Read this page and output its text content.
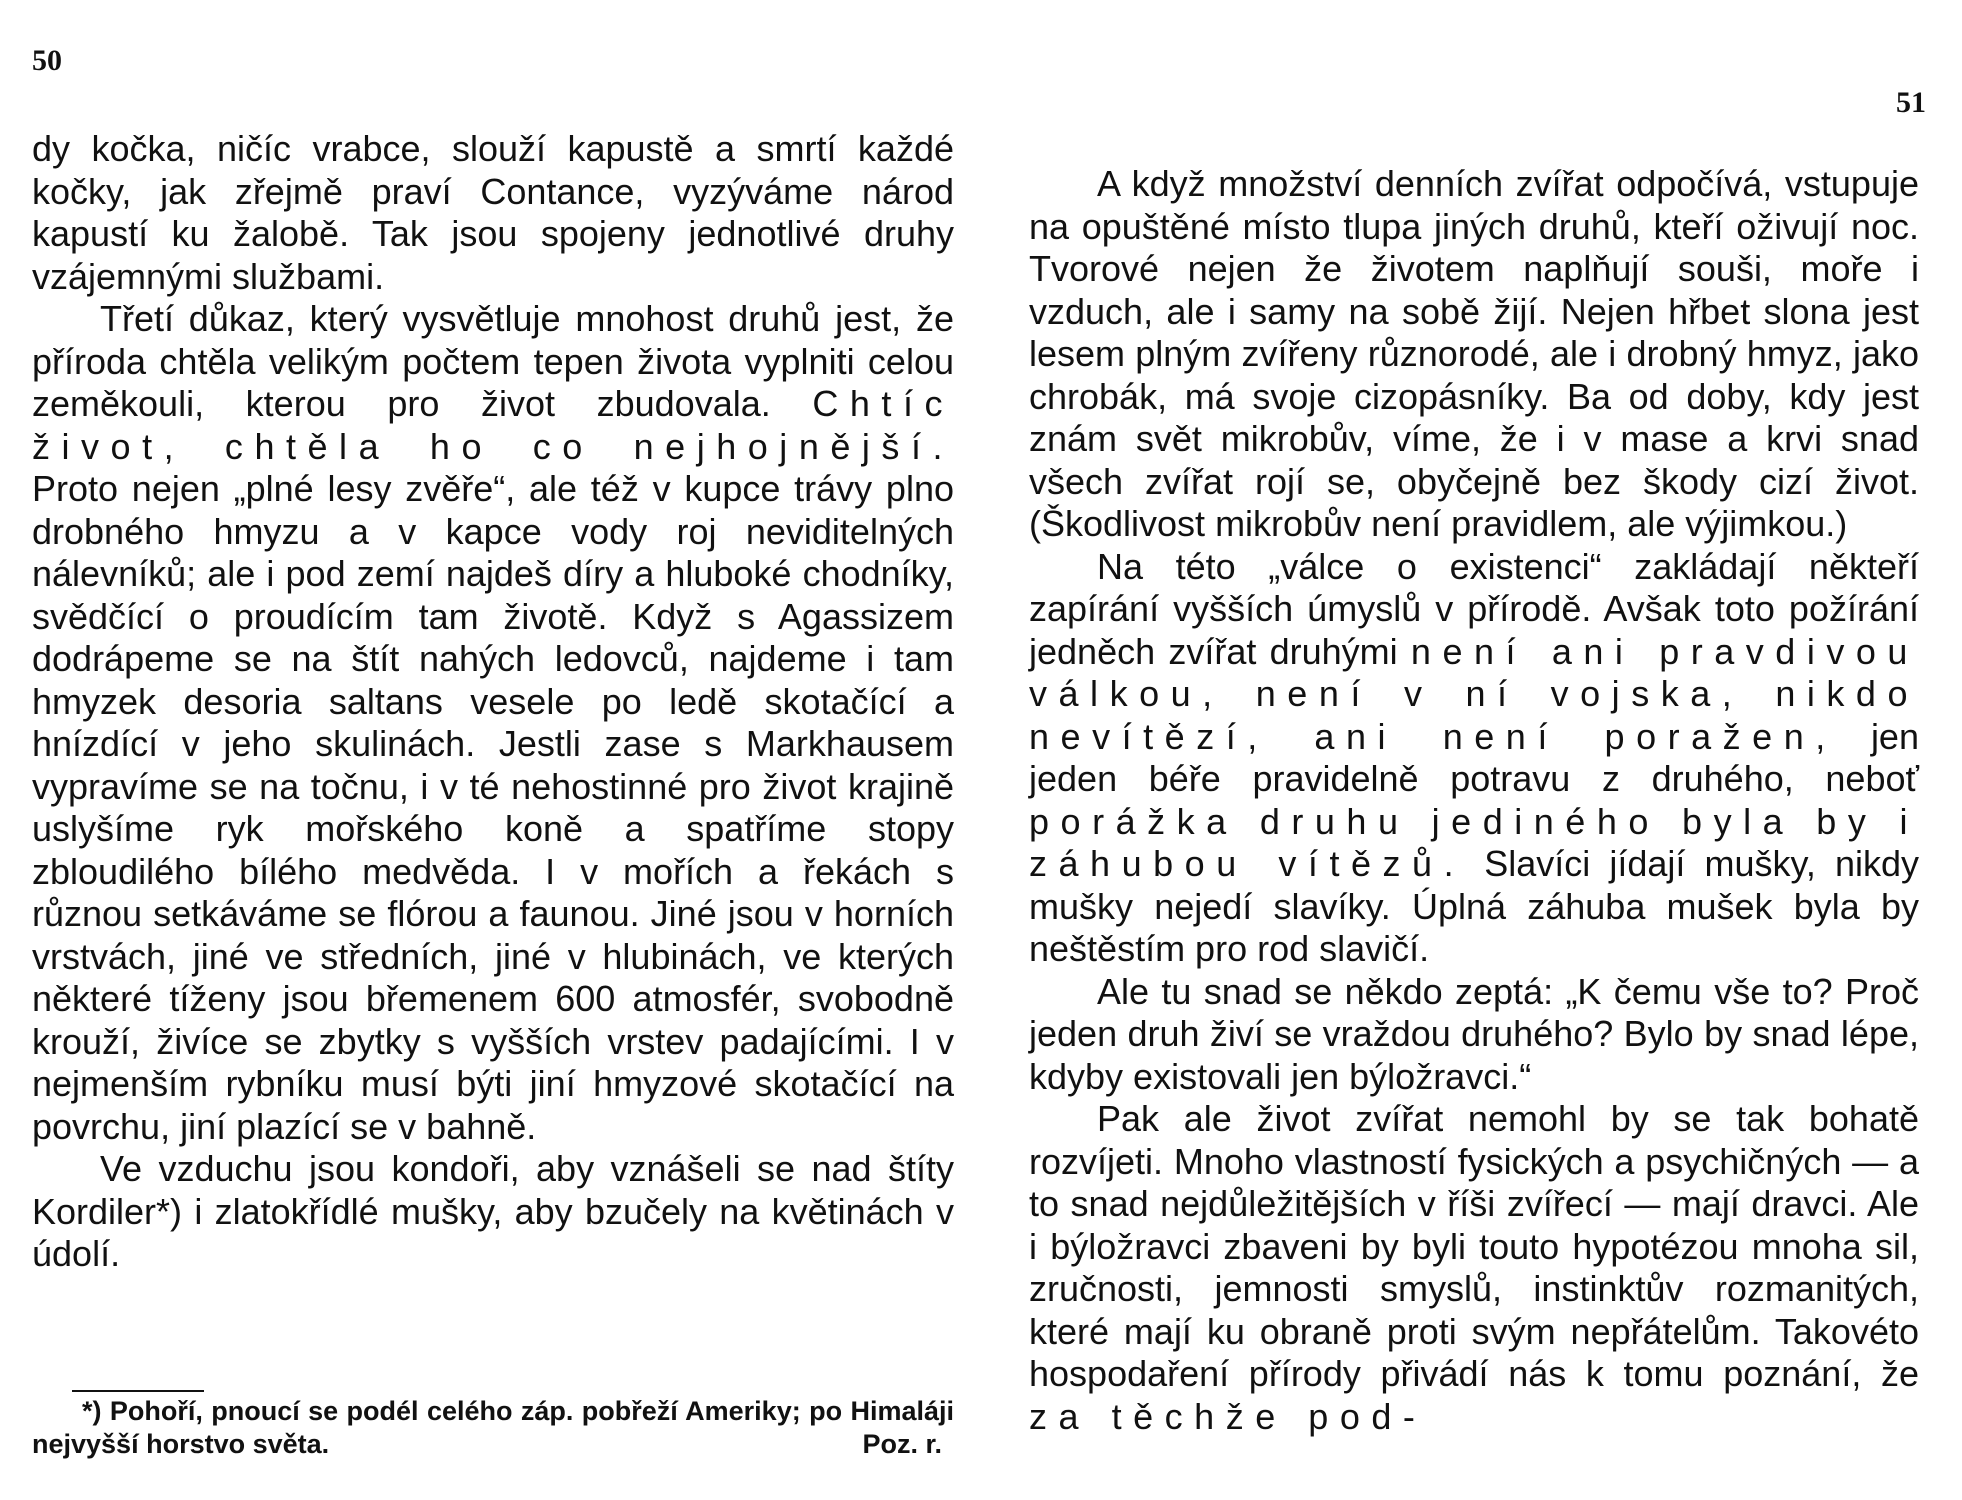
50

dy kočka, ničíc vrabce, slouží kapustě a smrtí každé kočky, jak zřejmě praví Contance, vyzýváme národ kapustí ku žalobě. Tak jsou spojeny jednotlivé druhy vzájemnými službami.

Třetí důkaz, který vysvětluje mnohost druhů jest, že příroda chtěla velikým počtem tepen života vyplniti celou zeměkouli, kterou pro život zbudovala. Chtíc život, chtěla ho co nejhojnější. Proto nejen „plné lesy zvěře“, ale též v kupce trávy plno drobného hmyzu a v kapce vody roj neviditelných nálevníků; ale i pod zemí najdeš díry a hluboké chodníky, svědčící o proudícím tam životě. Když s Agassizem dodrápeme se na štít nahých ledovců, najdeme i tam hmyzek desoria saltans vesele po ledě skotačící a hnízdící v jeho skulinách. Jestli zase s Markhausem vypravíme se na točnu, i v té nehostinné pro život krajině uslyšíme ryk mořského koně a spatříme stopy zbloudilého bílého medvěda. I v mořích a řekách s různou setkáváme se flórou a faunou. Jiné jsou v horních vrstvách, jiné ve středních, jiné v hlubinách, ve kterých některé tíženy jsou břemenem 600 atmosfér, svobodně krouží, živíce se zbytky s vyšších vrstev padajícími. I v nejmenším rybníku musí býti jiní hmyzové skotačící na povrchu, jiní plazící se v bahně.

Ve vzduchu jsou kondoři, aby vznášeli se nad štíty Kordiler*) i zlatokřídlé mušky, aby bzučely na květinách v údolí.

*) Pohoří, pnoucí se podél celého záp. pobřeží Ameriky; po Himaláji nejvyšší horstvo světa.	Poz. r.

51

A když množství denních zvířat odpočívá, vstupuje na opuštěné místo tlupa jiných druhů, kteří oživují noc. Tvorové nejen že životem naplňují souši, moře i vzduch, ale i samy na sobě žijí. Nejen hřbet slona jest lesem plným zvířeny různorodé, ale i drobný hmyz, jako chrobák, má svoje cizopásníky. Ba od doby, kdy jest znám svět mikrobův, víme, že i v mase a krvi snad všech zvířat rojí se, obyčejně bez škody cizí život. (Škodlivost mikrobův není pravidlem, ale výjimkou.)

Na této „válce o existenci“ zakládají někteří zapírání vyšších úmyslů v přírodě. Avšak toto požírání jedněch zvířat druhými není ani pravdivou válkou, není v ní vojska, nikdo nevítězí, ani není poražen, jen jeden béře pravidelně potravu z druhého, neboť porážka druhu jediného byla by i záhubou vítězů. Slavíci jídají mušky, nikdy mušky nejedí slavíky. Úplná záhuba mušek byla by neštěstím pro rod slavičí.

Ale tu snad se někdo zeptá: „K čemu vše to? Proč jeden druh živí se vraždou druhého? Bylo by snad lépe, kdyby existovali jen býložravci.“

Pak ale život zvířat nemohl by se tak bohatě rozvíjeti. Mnoho vlastností fysických a psychičných — a to snad nejdůležitějších v říši zvířecí — mají dravci. Ale i býložravci zbaveni by byli touto hypotézou mnoha sil, zručnosti, jemnosti smyslů, instinktův rozmanitých, které mají ku obraně proti svým nepřátelům. Takovéto hospodaření přírody přivádí nás k tomu poznání, že za těchže pod-
